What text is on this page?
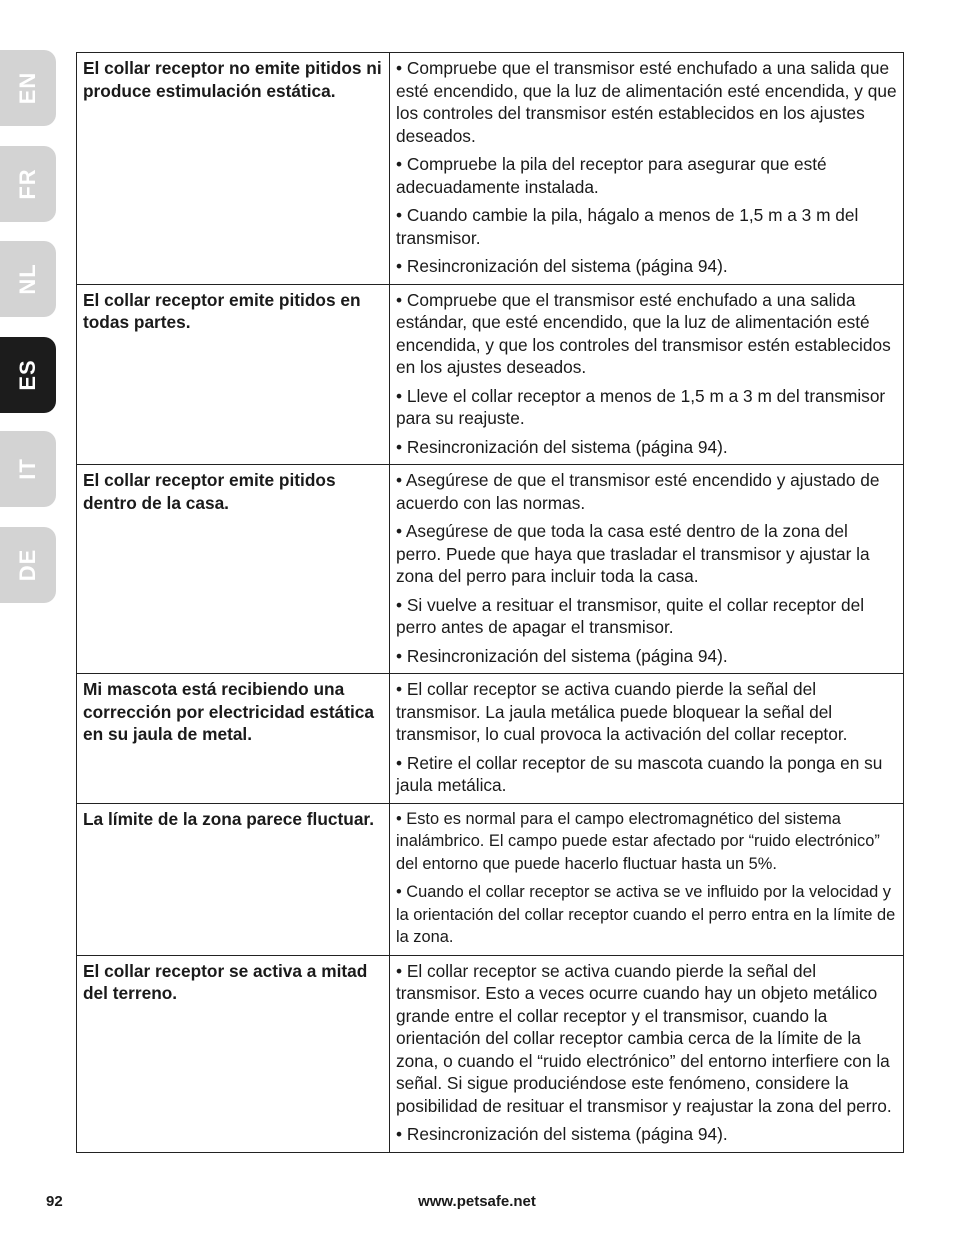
EN
FR
NL
ES
IT
DE
El collar receptor no emite pitidos ni produce estimulación estática.	• Compruebe que el transmisor esté enchufado a una salida que esté encendido, que la luz de alimentación esté encendida, y que los controles del transmisor estén establecidos en los ajustes deseados.

• Compruebe la pila del receptor para asegurar que esté adecuadamente instalada.

• Cuando cambie la pila, hágalo a menos de 1,5 m a 3 m del transmisor.

• Resincronización del sistema (página 94).

El collar receptor emite pitidos en todas partes.	• Compruebe que el transmisor esté enchufado a una salida estándar, que esté encendido, que la luz de alimentación esté encendida, y que los controles del transmisor estén establecidos en los ajustes deseados.

• Lleve el collar receptor a menos de 1,5 m a 3 m del transmisor para su reajuste.

• Resincronización del sistema (página 94).

El collar receptor emite pitidos dentro de la casa.	• Asegúrese de que el transmisor esté encendido y ajustado de acuerdo con las normas.

• Asegúrese de que toda la casa esté dentro de la zona del perro. Puede que haya que trasladar el transmisor y ajustar la zona del perro para incluir toda la casa.

• Si vuelve a resituar el transmisor, quite el collar receptor del perro antes de apagar el transmisor.

• Resincronización del sistema (página 94).

Mi mascota está recibiendo una corrección por electricidad estática en su jaula de metal.	• El collar receptor se activa cuando pierde la señal del transmisor. La jaula metálica puede bloquear la señal del transmisor, lo cual provoca la activación del collar receptor.

• Retire el collar receptor de su mascota cuando la ponga en su jaula metálica.

La límite de la zona parece fluctuar.	• Esto es normal para el campo electromagnético del sistema inalámbrico. El campo puede estar afectado por “ruido electrónico” del entorno que puede hacerlo fluctuar hasta un 5%.

• Cuando el collar receptor se activa se ve influido por la velocidad y la orientación del collar receptor cuando el perro entra en la límite de la zona.

El collar receptor se activa a mitad del terreno.	• El collar receptor se activa cuando pierde la señal del transmisor. Esto a veces ocurre cuando hay un objeto metálico grande entre el collar receptor y el transmisor, cuando la orientación del collar receptor cambia cerca de la límite de la zona, o cuando el “ruido electrónico” del entorno interfiere con la señal. Si sigue produciéndose este fenómeno, considere la posibilidad de resituar el transmisor y reajustar la zona del perro.

• Resincronización del sistema (página 94).

92	www.petsafe.net
